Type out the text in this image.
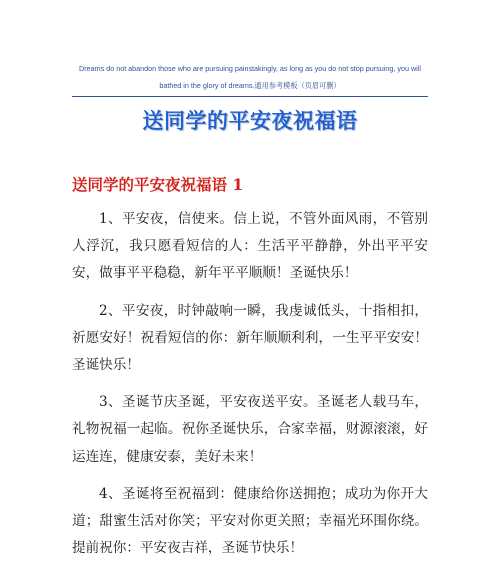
Dreams do not abandon those who are pursuing painstakingly, as long as you do not stop pursuing, you will
bathed in the glory of dreams.通用参考模板（页眉可删）
送同学的平安夜祝福语
送同学的平安夜祝福语 1

1、平安夜，信使来。信上说，不管外面风雨，不管别人浮沉，我只愿看短信的人：生活平平静静，外出平平安安，做事平平稳稳，新年平平顺顺！圣诞快乐！

2、平安夜，时钟敲响一瞬，我虔诚低头，十指相扣，祈愿安好！祝看短信的你：新年顺顺利利，一生平平安安！圣诞快乐！

3、圣诞节庆圣诞，平安夜送平安。圣诞老人载马车，礼物祝福一起临。祝你圣诞快乐，合家幸福，财源滚滚，好运连连，健康安泰，美好未来！

4、圣诞将至祝福到：健康给你送拥抱；成功为你开大道；甜蜜生活对你笑；平安对你更关照；幸福光环围你绕。提前祝你：平安夜吉祥，圣诞节快乐！
